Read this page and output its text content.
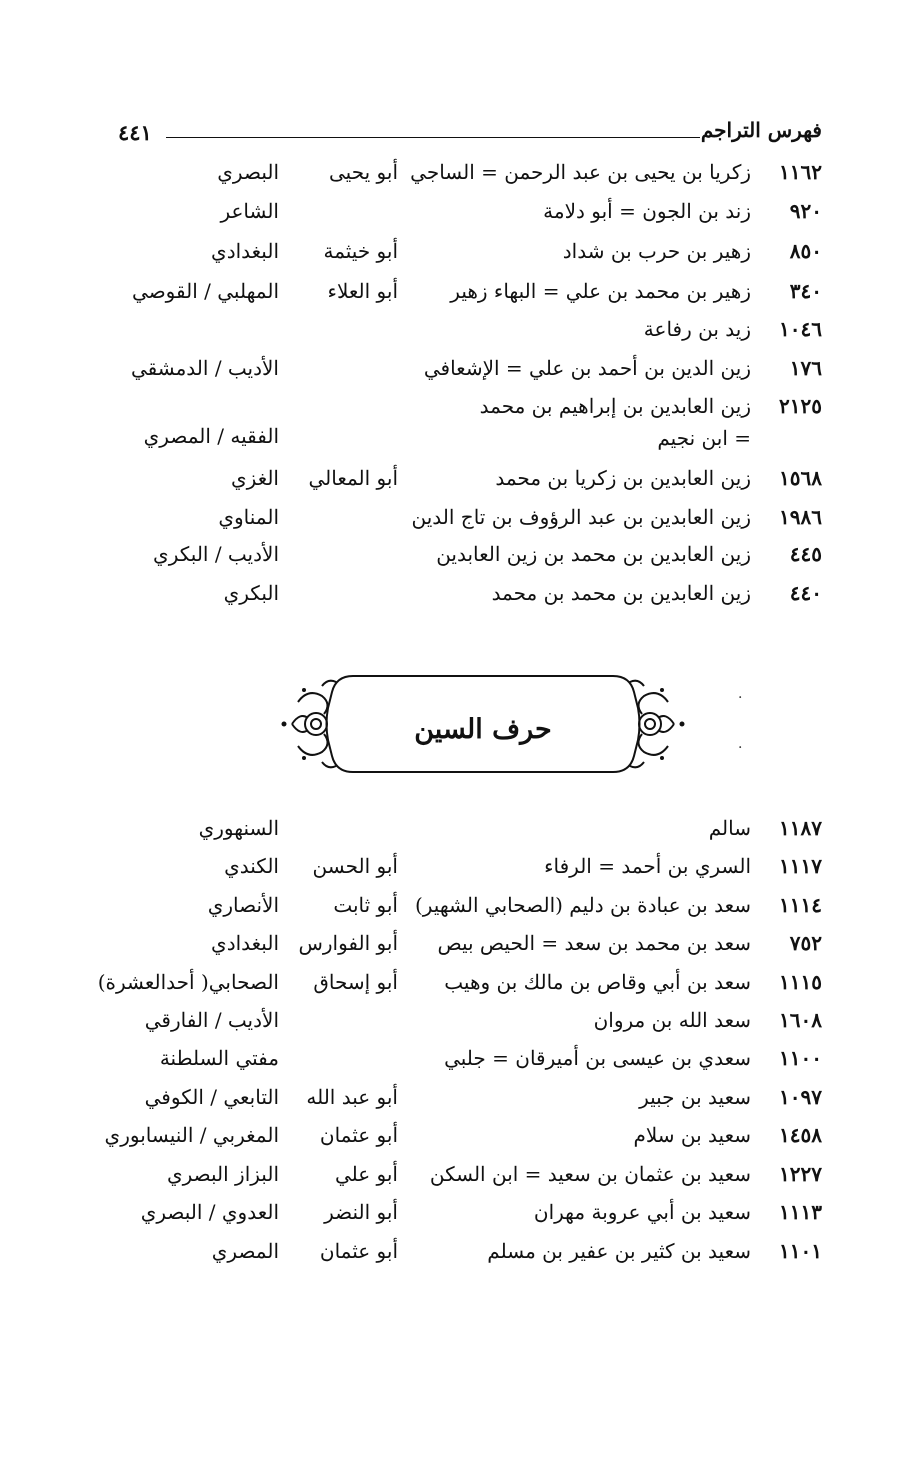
فهرس التراجم
٤٤١
١١٦٢
زكريا بن يحيى بن عبد الرحمن = الساجي
أبو يحيى
البصري
٩٢٠
زند بن الجون = أبو دلامة
الشاعر
٨٥٠
زهير بن حرب بن شداد
أبو خيثمة
البغدادي
٣٤٠
زهير بن محمد بن علي = البهاء زهير
أبو العلاء
المهلبي / القوصي
١٠٤٦
زيد بن رفاعة
١٧٦
زين الدين بن أحمد بن علي = الإشعافي
الأديب / الدمشقي
٢١٢٥
زين العابدين بن إبراهيم بن محمد
= ابن نجيم
الفقيه / المصري
١٥٦٨
زين العابدين بن زكريا بن محمد
أبو المعالي
الغزي
١٩٨٦
زين العابدين بن عبد الرؤوف بن تاج الدين
المناوي
٤٤٥
زين العابدين بن محمد بن زين العابدين
الأديب / البكري
٤٤٠
زين العابدين بن محمد بن محمد
البكري
حرف السين
·
·
١١٨٧
سالم
السنهوري
١١١٧
السري بن أحمد = الرفاء
أبو الحسن
الكندي
١١١٤
سعد بن عبادة بن دليم (الصحابي الشهير)
أبو ثابت
الأنصاري
٧٥٢
سعد بن محمد بن سعد = الحيص بيص
أبو الفوارس
البغدادي
١١١٥
سعد بن أبي وقاص بن مالك بن وهيب
أبو إسحاق
الصحابي( أحدالعشرة)
١٦٠٨
سعد الله بن مروان
الأديب / الفارقي
١١٠٠
سعدي بن عيسى بن أميرقان = جلبي
مفتي السلطنة
١٠٩٧
سعيد بن جبير
أبو عبد الله
التابعي / الكوفي
١٤٥٨
سعيد بن سلام
أبو عثمان
المغربي / النيسابوري
١٢٢٧
سعيد بن عثمان بن سعيد = ابن السكن
أبو علي
البزاز البصري
١١١٣
سعيد بن أبي عروبة مهران
أبو النضر
العدوي / البصري
١١٠١
سعيد بن كثير بن عفير بن مسلم
أبو عثمان
المصري
